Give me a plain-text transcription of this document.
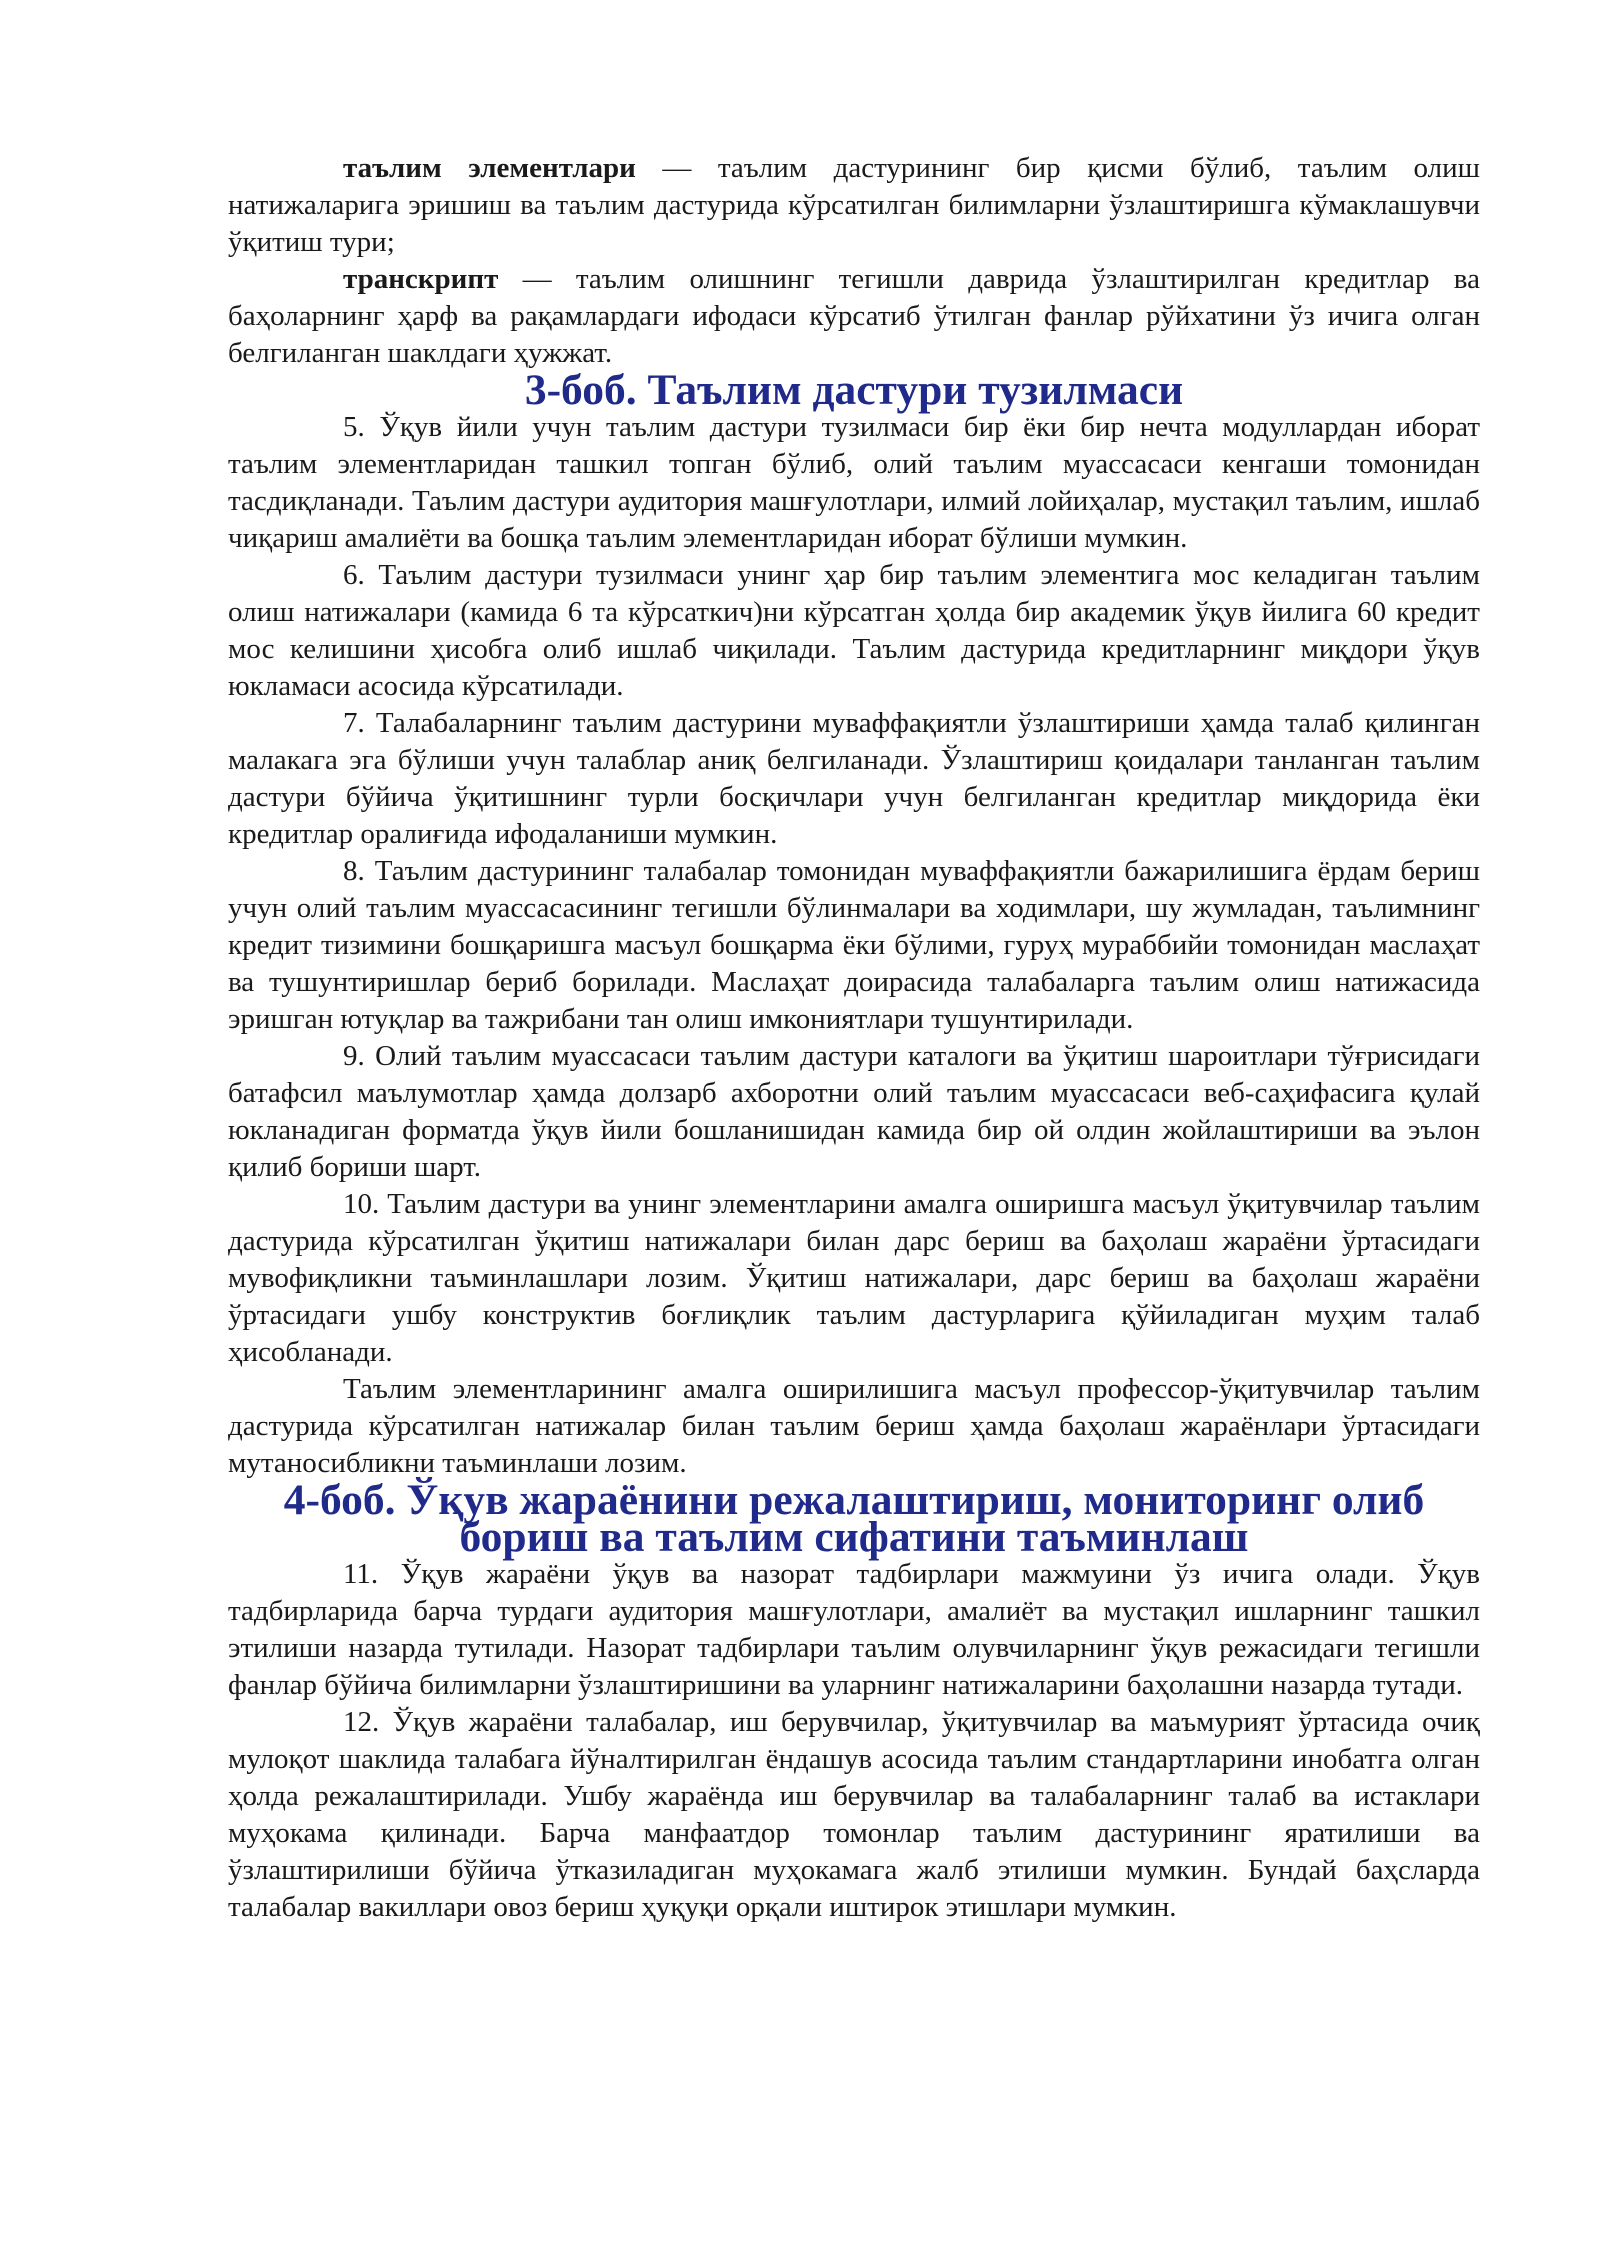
таълим элементлари — таълим дастурининг бир қисми бўлиб, таълим олиш натижаларига эришиш ва таълим дастурида кўрсатилган билимларни ўзлаштиришга кўмаклашувчи ўқитиш тури;

транскрипт — таълим олишнинг тегишли даврида ўзлаштирилган кредитлар ва баҳоларнинг ҳарф ва рақамлардаги ифодаси кўрсатиб ўтилган фанлар рўйхатини ўз ичига олган белгиланган шаклдаги ҳужжат.

3-боб. Таълим дастури тузилмаси

5. Ўқув йили учун таълим дастури тузилмаси бир ёки бир нечта модуллардан иборат таълим элементларидан ташкил топган бўлиб, олий таълим муассасаси кенгаши томонидан тасдиқланади. Таълим дастури аудитория машғулотлари, илмий лойиҳалар, мустақил таълим, ишлаб чиқариш амалиёти ва бошқа таълим элементларидан иборат бўлиши мумкин.

6. Таълим дастури тузилмаси унинг ҳар бир таълим элементига мос келадиган таълим олиш натижалари (камида 6 та кўрсаткич)ни кўрсатган ҳолда бир академик ўқув йилига 60 кредит мос келишини ҳисобга олиб ишлаб чиқилади. Таълим дастурида кредитларнинг миқдори ўқув юкламаси асосида кўрсатилади.

7. Талабаларнинг таълим дастурини муваффақиятли ўзлаштириши ҳамда талаб қилинган малакага эга бўлиши учун талаблар аниқ белгиланади. Ўзлаштириш қоидалари танланган таълим дастури бўйича ўқитишнинг турли босқичлари учун белгиланган кредитлар миқдорида ёки кредитлар оралиғида ифодаланиши мумкин.

8. Таълим дастурининг талабалар томонидан муваффақиятли бажарилишига ёрдам бериш учун олий таълим муассасасининг тегишли бўлинмалари ва ходимлари, шу жумладан, таълимнинг кредит тизимини бошқаришга масъул бошқарма ёки бўлими, гуруҳ мураббийи томонидан маслаҳат ва тушунтиришлар бериб борилади. Маслаҳат доирасида талабаларга таълим олиш натижасида эришган ютуқлар ва тажрибани тан олиш имкониятлари тушунтирилади.

9. Олий таълим муассасаси таълим дастури каталоги ва ўқитиш шароитлари тўғрисидаги батафсил маълумотлар ҳамда долзарб ахборотни олий таълим муассасаси веб-саҳифасига қулай юкланадиган форматда ўқув йили бошланишидан камида бир ой олдин жойлаштириши ва эълон қилиб бориши шарт.

10. Таълим дастури ва унинг элементларини амалга оширишга масъул ўқитувчилар таълим дастурида кўрсатилган ўқитиш натижалари билан дарс бериш ва баҳолаш жараёни ўртасидаги мувофиқликни таъминлашлари лозим. Ўқитиш натижалари, дарс бериш ва баҳолаш жараёни ўртасидаги ушбу конструктив боғлиқлик таълим дастурларига қўйиладиган муҳим талаб ҳисобланади.

Таълим элементларининг амалга оширилишига масъул профессор-ўқитувчилар таълим дастурида кўрсатилган натижалар билан таълим бериш ҳамда баҳолаш жараёнлари ўртасидаги мутаносибликни таъминлаши лозим.

4-боб. Ўқув жараёнини режалаштириш, мониторинг олиб бориш ва таълим сифатини таъминлаш

11. Ўқув жараёни ўқув ва назорат тадбирлари мажмуини ўз ичига олади. Ўқув тадбирларида барча турдаги аудитория машғулотлари, амалиёт ва мустақил ишларнинг ташкил этилиши назарда тутилади. Назорат тадбирлари таълим олувчиларнинг ўқув режасидаги тегишли фанлар бўйича билимларни ўзлаштиришини ва уларнинг натижаларини баҳолашни назарда тутади.

12. Ўқув жараёни талабалар, иш берувчилар, ўқитувчилар ва маъмурият ўртасида очиқ мулоқот шаклида талабага йўналтирилган ёндашув асосида таълим стандартларини инобатга олган ҳолда режалаштирилади. Ушбу жараёнда иш берувчилар ва талабаларнинг талаб ва истаклари муҳокама қилинади. Барча манфаатдор томонлар таълим дастурининг яратилиши ва ўзлаштирилиши бўйича ўтказиладиган муҳокамага жалб этилиши мумкин. Бундай баҳсларда талабалар вакиллари овоз бериш ҳуқуқи орқали иштирок этишлари мумкин.
